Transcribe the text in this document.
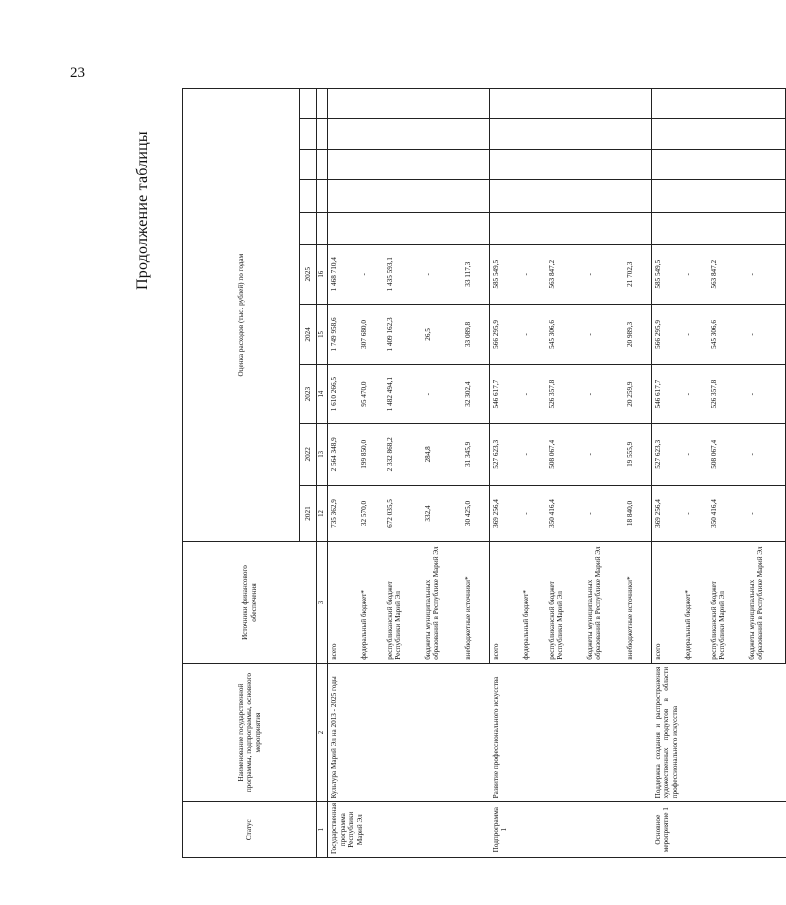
23
Продолжение таблицы
Статус	Наименование государственной программы, подпрограммы, основного мероприятия	Источники финансового обеспечения	Оценка расходов (тыс. рублей) по годам									
			2021	2022	2023	2024	2025					
1	2	3	12	13	14	15	16					
Государственная программа Республики Марий Эл	Культура Марий Эл на 2013 - 2025 годы	всего	735 362,9	2 564 348,9	1 610 266,5	1 749 958,6	1 468 710,4					
		федеральный бюджет*	32 570,0	199 850,0	95 470,0	307 680,0	-					
		республиканский бюджет Республики Марий Эл	672 035,5	2 332 868,2	1 482 494,1	1 409 162,3	1 435 593,1					
		бюджеты муниципальных образований в Республике Марий Эл	332,4	284,8	-	26,5	-					
		внебюджетные источники*	30 425,0	31 345,9	32 302,4	33 089,8	33 117,3					
Подпрограмма 1	Развитие профессионального искусства	всего	369 256,4	527 623,3	546 617,7	566 295,9	585 549,5					
		федеральный бюджет*	-	-	-	-	-					
		республиканский бюджет Республики Марий Эл	350 416,4	508 067,4	526 357,8	545 306,6	563 847,2					
		бюджеты муниципальных образований в Республике Марий Эл	-	-	-	-	-					
		внебюджетные источники*	18 840,0	19 555,9	20 259,9	20 989,3	21 702,3					
Основное мероприятие 1	Поддержка создания и распространения художественных продуктов в области профессионального искусства	всего	369 256,4	527 623,3	546 617,7	566 295,9	585 549,5					
		федеральный бюджет*	-	-	-	-	-					
		республиканский бюджет Республики Марий Эл	350 416,4	508 067,4	526 357,8	545 306,6	563 847,2					
		бюджеты муниципальных образований в Республике Марий Эл	-	-	-	-	-					
